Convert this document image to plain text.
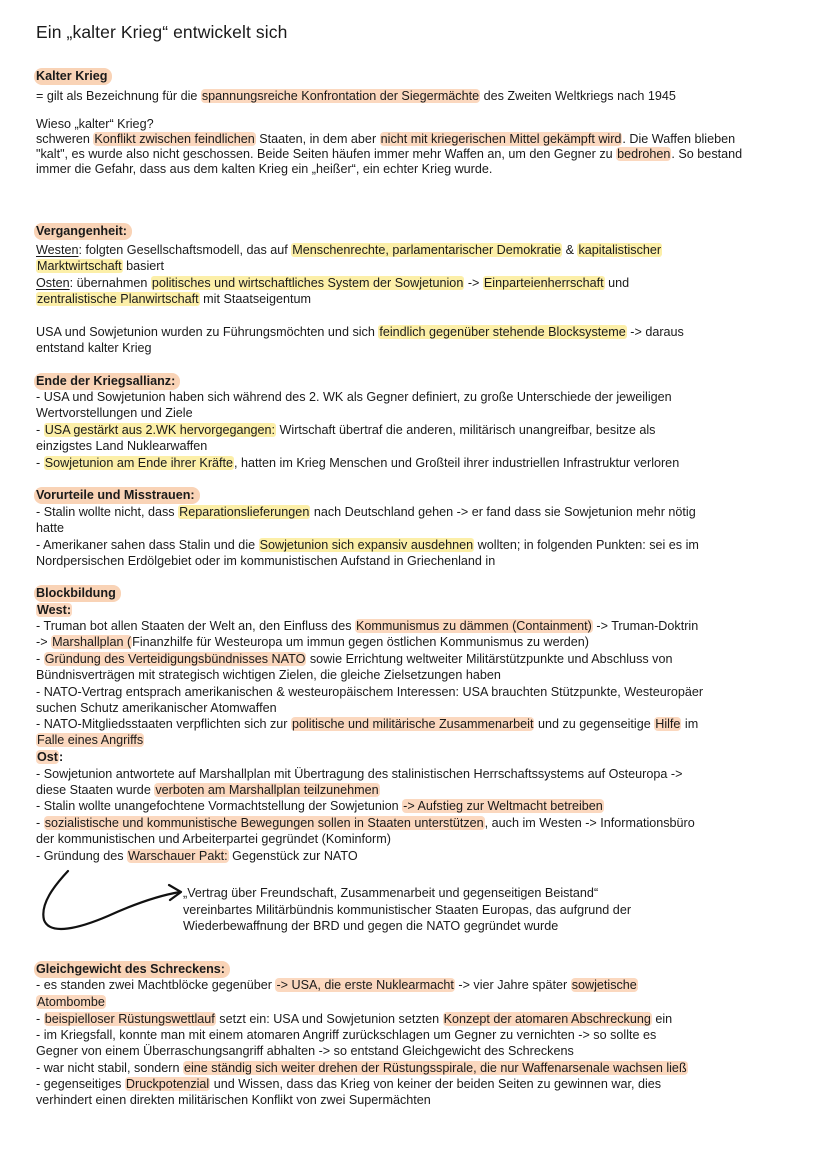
Ein „kalter Krieg“ entwickelt sich
Kalter Krieg
= gilt als Bezeichnung für die spannungsreiche Konfrontation der Siegermächte des Zweiten Weltkriegs nach 1945
Wieso „kalter“ Krieg?
schweren Konflikt zwischen feindlichen Staaten, in dem aber nicht mit kriegerischen Mittel gekämpft wird. Die Waffen blieben
"kalt", es wurde also nicht geschossen. Beide Seiten häufen immer mehr Waffen an, um den Gegner zu bedrohen. So bestand
immer die Gefahr, dass aus dem kalten Krieg ein „heißer“, ein echter Krieg wurde.
Vergangenheit:
Westen: folgten Gesellschaftsmodell, das auf Menschenrechte, parlamentarischer Demokratie & kapitalistischer
Marktwirtschaft basiert
Osten: übernahmen politisches und wirtschaftliches System der Sowjetunion -> Einparteienherrschaft und
zentralistische Planwirtschaft mit Staatseigentum
USA und Sowjetunion wurden zu Führungsmöchten und sich feindlich gegenüber stehende Blocksysteme -> daraus
entstand kalter Krieg
Ende der Kriegsallianz:
- USA und Sowjetunion haben sich während des 2. WK als Gegner definiert, zu große Unterschiede der jeweiligen
Wertvorstellungen und Ziele
- USA gestärkt aus 2.WK hervorgegangen: Wirtschaft übertraf die anderen, militärisch unangreifbar, besitze als
einzigstes Land Nuklearwaffen
- Sowjetunion am Ende ihrer Kräfte, hatten im Krieg Menschen und Großteil ihrer industriellen Infrastruktur verloren
Vorurteile und Misstrauen:
- Stalin wollte nicht, dass Reparationslieferungen nach Deutschland gehen -> er fand dass sie Sowjetunion mehr nötig
hatte
- Amerikaner sahen dass Stalin und die Sowjetunion sich expansiv ausdehnen wollten; in folgenden Punkten: sei es im
Nordpersischen Erdölgebiet oder im kommunistischen Aufstand in Griechenland in
Blockbildung
West:
- Truman bot allen Staaten der Welt an, den Einfluss des Kommunismus zu dämmen (Containment) -> Truman-Doktrin
-> Marshallplan (Finanzhilfe für Westeuropa um immun gegen östlichen Kommunismus zu werden)
- Gründung des Verteidigungsbündnisses NATO sowie Errichtung weltweiter Militärstützpunkte und Abschluss von
Bündnisverträgen mit strategisch wichtigen Zielen, die gleiche Zielsetzungen haben
- NATO-Vertrag entsprach amerikanischen & westeuropäischem Interessen: USA brauchten Stützpunkte, Westeuropäer
suchen Schutz amerikanischer Atomwaffen
- NATO-Mitgliedsstaaten verpflichten sich zur politische und militärische Zusammenarbeit und zu gegenseitige Hilfe im
Falle eines Angriffs
Ost:
- Sowjetunion antwortete auf Marshallplan mit Übertragung des stalinistischen Herrschaftssystems auf Osteuropa ->
diese Staaten wurde verboten am Marshallplan teilzunehmen
- Stalin wollte unangefochtene Vormachtstellung der Sowjetunion -> Aufstieg zur Weltmacht betreiben
- sozialistische und kommunistische Bewegungen sollen in Staaten unterstützen, auch im Westen -> Informationsbüro
der kommunistischen und Arbeiterpartei gegründet (Kominform)
- Gründung des Warschauer Pakt: Gegenstück zur NATO
„Vertrag über Freundschaft, Zusammenarbeit und gegenseitigen Beistand“
vereinbartes Militärbündnis kommunistischer Staaten Europas, das aufgrund der
Wiederbewaffnung der BRD und gegen die NATO gegründet wurde
Gleichgewicht des Schreckens:
- es standen zwei Machtblöcke gegenüber -> USA, die erste Nuklearmacht -> vier Jahre später sowjetische
Atombombe
- beispielloser Rüstungswettlauf setzt ein: USA und Sowjetunion setzten Konzept der atomaren Abschreckung ein
- im Kriegsfall, konnte man mit einem atomaren Angriff zurückschlagen um Gegner zu vernichten -> so sollte es
Gegner von einem Überraschungsangriff abhalten -> so entstand Gleichgewicht des Schreckens
- war nicht stabil, sondern eine ständig sich weiter drehen der Rüstungsspirale, die nur Waffenarsenale wachsen ließ
- gegenseitiges Druckpotenzial und Wissen, dass das Krieg von keiner der beiden Seiten zu gewinnen war, dies
verhindert einen direkten militärischen Konflikt von zwei Supermächten
